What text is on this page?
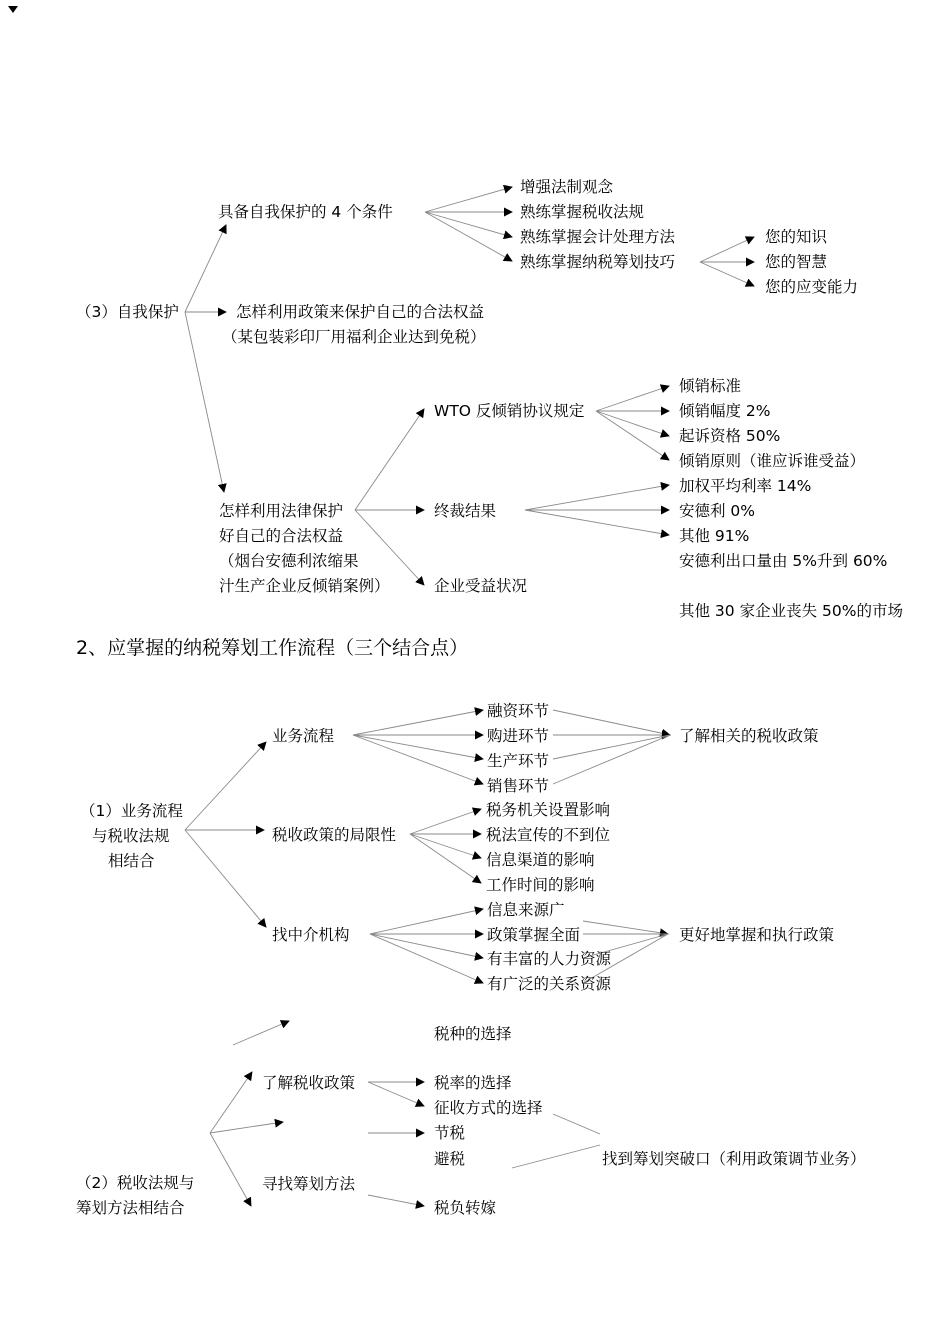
（3）自我保护
具备自我保护的 4 个条件
增强法制观念
熟练掌握税收法规
熟练掌握会计处理方法
熟练掌握纳税筹划技巧
您的知识
您的智慧
您的应变能力
怎样利用政策来保护自己的合法权益
（某包装彩印厂用福利企业达到免税）
怎样利用法律保护
好自己的合法权益
（烟台安德利浓缩果
汁生产企业反倾销案例）
WTO 反倾销协议规定
倾销标准
倾销幅度 2%
起诉资格 50%
倾销原则（谁应诉谁受益）
终裁结果
加权平均利率 14%
安德利 0%
其他 91%
企业受益状况
安德利出口量由 5%升到 60%
其他 30 家企业丧失 50%的市场
2、应掌握的纳税筹划工作流程（三个结合点）
（1）业务流程
与税收法规
相结合
业务流程
融资环节
购进环节
生产环节
销售环节
了解相关的税收政策
税收政策的局限性
税务机关设置影响
税法宣传的不到位
信息渠道的影响
工作时间的影响
找中介机构
信息来源广
政策掌握全面
有丰富的人力资源
有广泛的关系资源
更好地掌握和执行政策
税种的选择
了解税收政策	税率的选择
征收方式的选择
节税
避税	找到筹划突破口（利用政策调节业务）
（2）税收法规与
筹划方法相结合
寻找筹划方法
税负转嫁
